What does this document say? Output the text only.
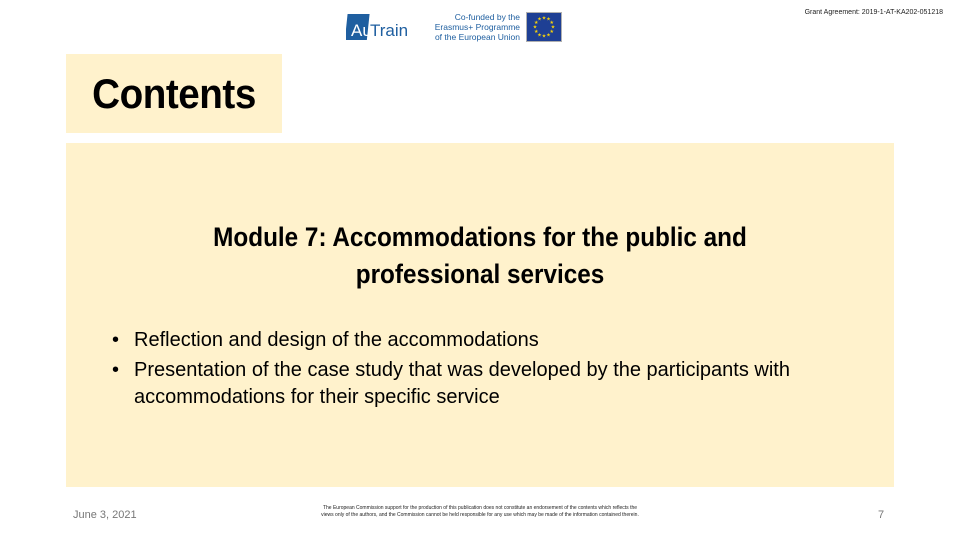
Grant Agreement: 2019-1-AT-KA202-051218
Au
Train
Co-funded by the
Erasmus+ Programme
of the European Union
★ ★
★
★
★
★
★
★
★
★
★
★
Contents
Module 7: Accommodations for the public and professional services
• Reflection and design of the accommodations
• Presentation of the case study that was developed by the participants with accommodations for their specific service
June 3, 2021
The European Commission support for the production of this publication does not constitute an endorsement of the contents which reflects the views only of the authors, and the Commission cannot be held responsible for any use which may be made of the information contained therein.	7
